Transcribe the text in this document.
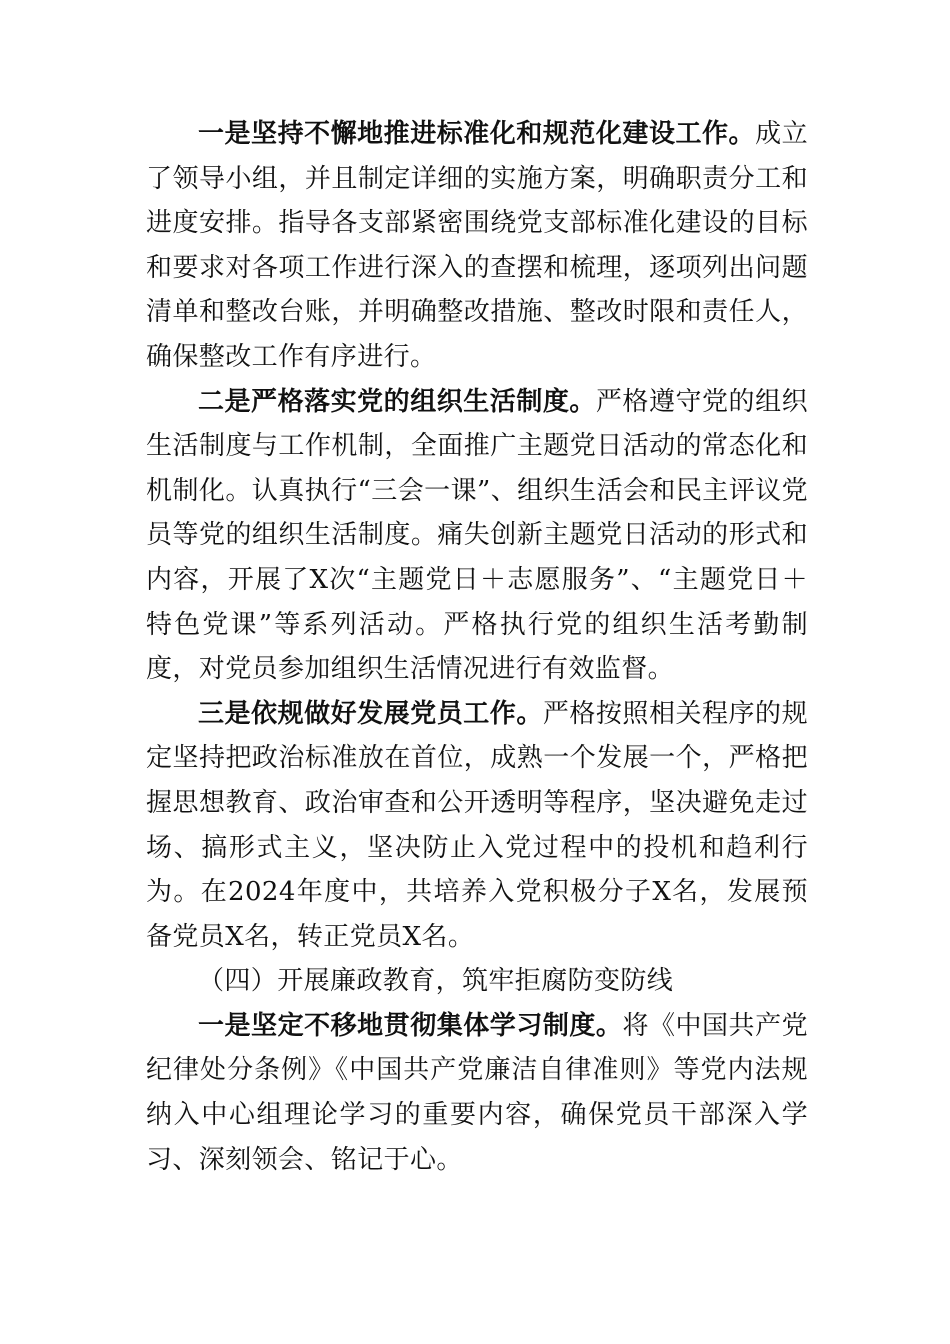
一是坚持不懈地推进标准化和规范化建设工作。成立了领导小组，并且制定详细的实施方案，明确职责分工和进度安排。指导各支部紧密围绕党支部标准化建设的目标和要求对各项工作进行深入的查摆和梳理，逐项列出问题清单和整改台账，并明确整改措施、整改时限和责任人，确保整改工作有序进行。

二是严格落实党的组织生活制度。严格遵守党的组织生活制度与工作机制，全面推广主题党日活动的常态化和机制化。认真执行“三会一课”、组织生活会和民主评议党员等党的组织生活制度。痛失创新主题党日活动的形式和内容，开展了X次“主题党日＋志愿服务”、“主题党日＋特色党课”等系列活动。严格执行党的组织生活考勤制度，对党员参加组织生活情况进行有效监督。

三是依规做好发展党员工作。严格按照相关程序的规定坚持把政治标准放在首位，成熟一个发展一个，严格把握思想教育、政治审查和公开透明等程序，坚决避免走过场、搞形式主义，坚决防止入党过程中的投机和趋利行为。在2024年度中，共培养入党积极分子X名，发展预备党员X名，转正党员X名。

（四）开展廉政教育，筑牢拒腐防变防线

一是坚定不移地贯彻集体学习制度。将《中国共产党纪律处分条例》《中国共产党廉洁自律准则》等党内法规纳入中心组理论学习的重要内容，确保党员干部深入学习、深刻领会、铭记于心。
